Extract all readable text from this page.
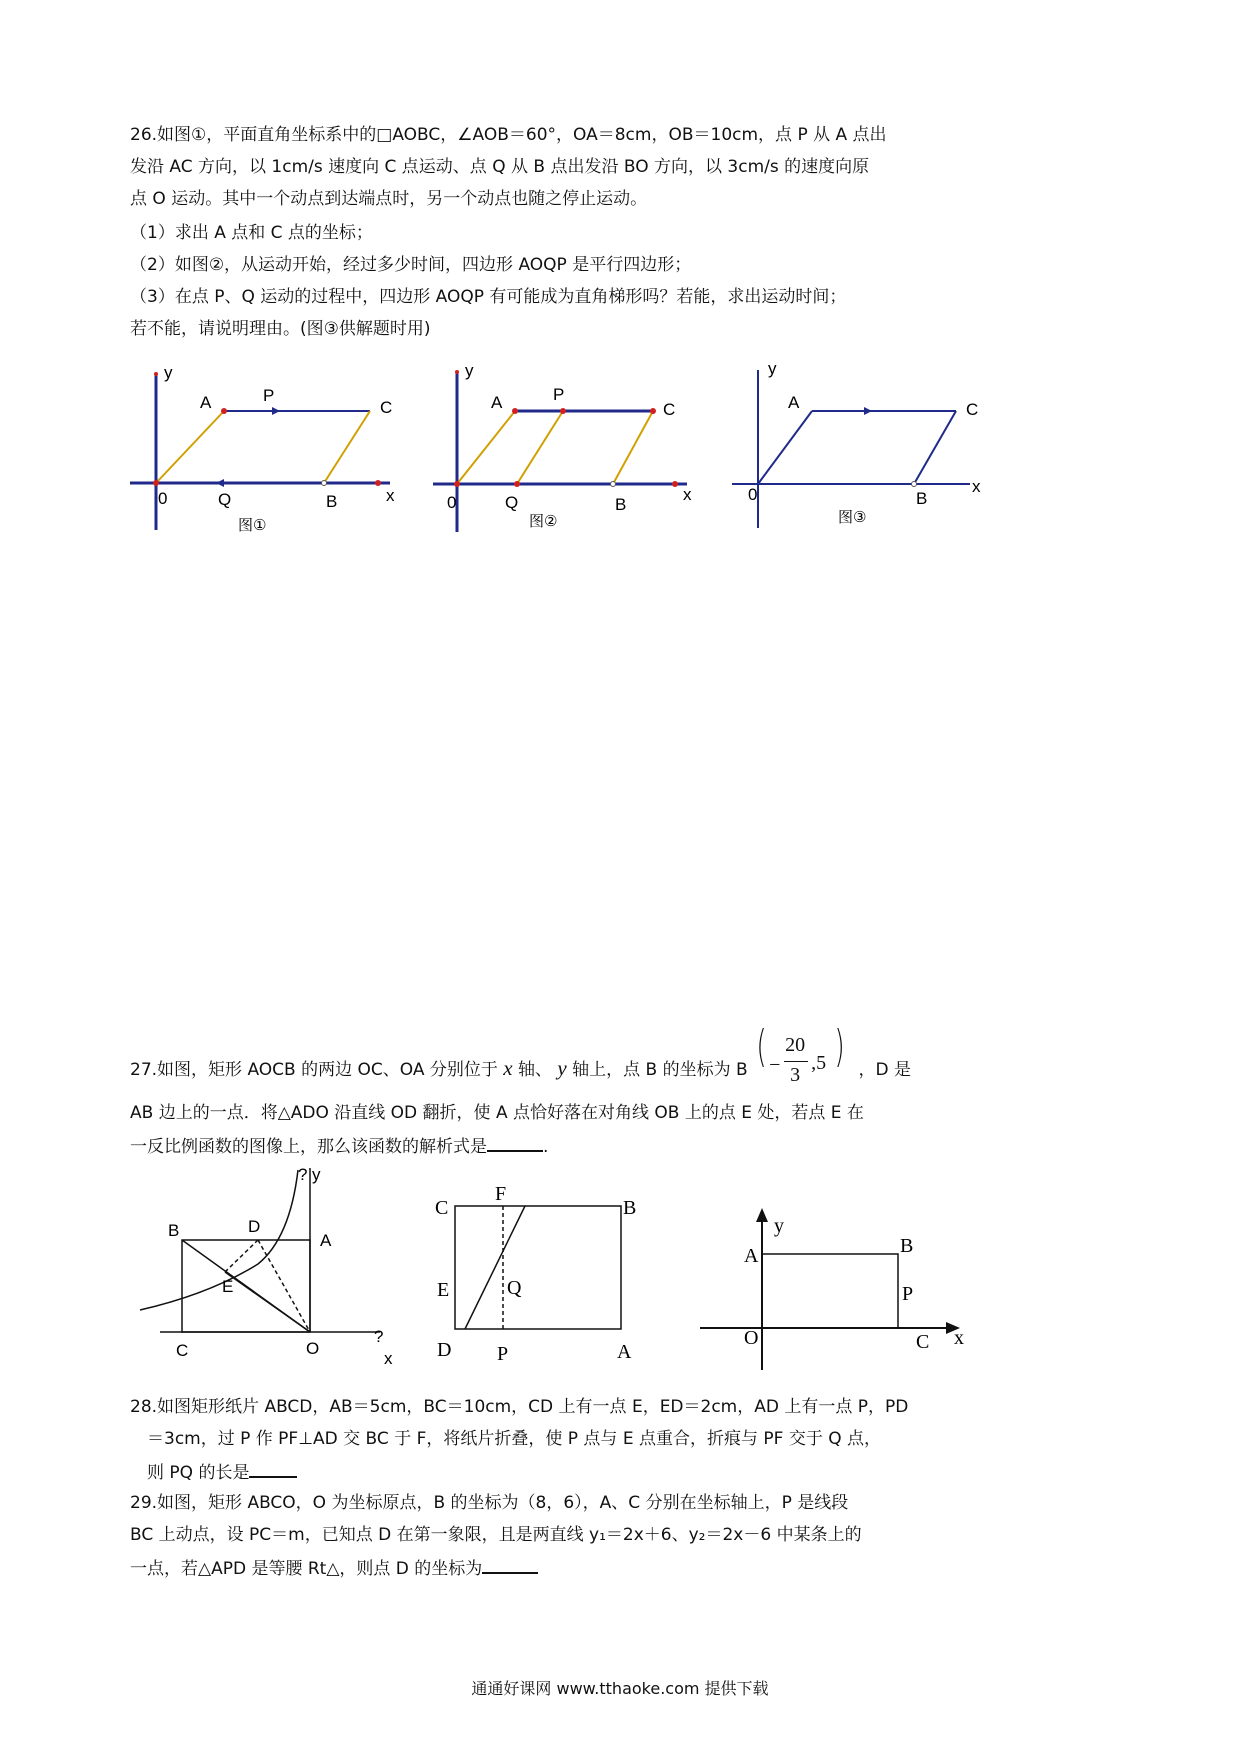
26.如图①，平面直角坐标系中的□AOBC，∠AOB＝60°，OA＝8cm，OB＝10cm，点 P 从 A 点出
发沿 AC 方向，以 1cm/s 速度向 C 点运动、点 Q 从 B 点出发沿 BO 方向，以 3cm/s 的速度向原
点 O 运动。其中一个动点到达端点时，另一个动点也随之停止运动。
（1）求出 A 点和 C 点的坐标；
（2）如图②，从运动开始，经过多少时间，四边形 AOQP 是平行四边形；
（3）在点 P、Q 运动的过程中，四边形 AOQP 有可能成为直角梯形吗？若能，求出运动时间；
若不能，请说明理由。(图③供解题时用)
y
A	P
C
0	Q	B	x
图①
y
A	P
C
0	Q	B
x
图②
y
A	C
0	B
x
图③
27.如图，矩形 AOCB 的两边 OC、OA 分别位于 x 轴、 y 轴上，点 B 的坐标为 B ( −
20
3
,5 ) ，D 是
AB 边上的一点．将△ADO 沿直线 OD 翻折，使 A 点恰好落在对角线 OB 上的点 E 处，若点 E 在
一反比例函数的图像上，那么该函数的解析式是	.
? y
B	D
A
E
C	O
?
x
C
F
B
E	Q
D P	A
y
A	B
P
O	C x
28.如图矩形纸片 ABCD，AB＝5cm，BC＝10cm，CD 上有一点 E，ED＝2cm，AD 上有一点 P，PD
＝3cm，过 P 作 PF⊥AD 交 BC 于 F，将纸片折叠，使 P 点与 E 点重合，折痕与 PF 交于 Q 点，
则 PQ 的长是
29.如图，矩形 ABCO，O 为坐标原点，B 的坐标为（8，6），A、C 分别在坐标轴上，P 是线段
BC 上动点，设 PC＝m，已知点 D 在第一象限，且是两直线 y₁＝2x＋6、y₂＝2x－6 中某条上的
一点，若△APD 是等腰 Rt△，则点 D 的坐标为
通通好课网 www.tthaoke.com 提供下载
